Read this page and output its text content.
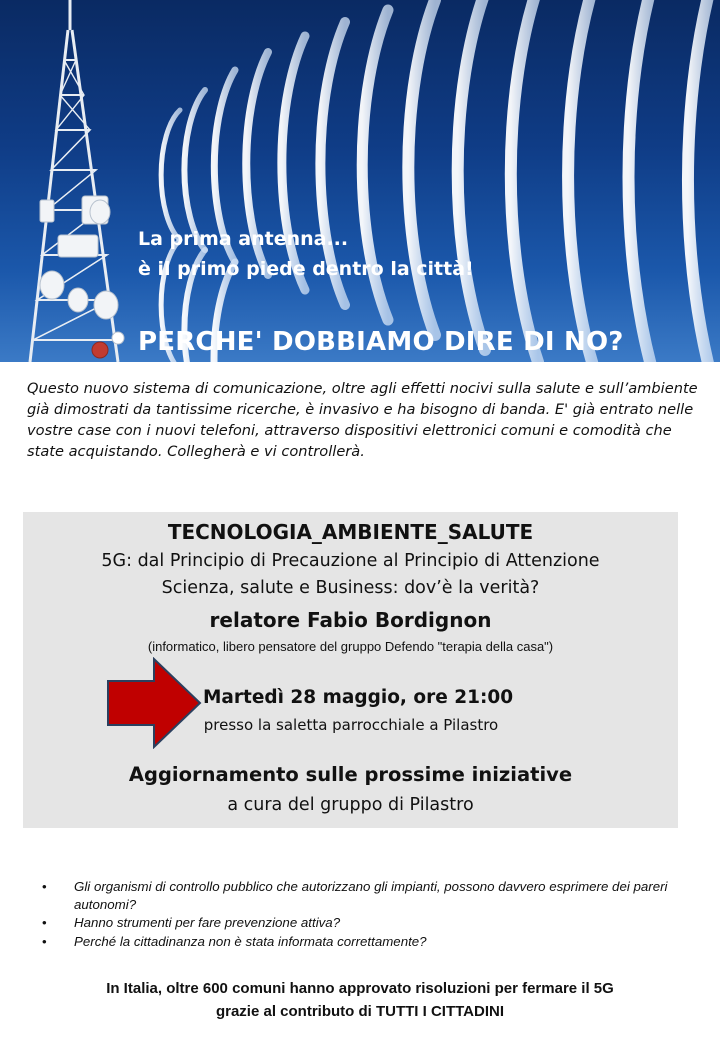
La prima antenna...
è il primo piede dentro la città!
PERCHE' DOBBIAMO DIRE DI NO?

Questo nuovo sistema di comunicazione, oltre agli effetti nocivi sulla salute e sull’ambiente già dimostrati da tantissime ricerche, è invasivo e ha bisogno di banda. E' già entrato nelle vostre case con i nuovi telefoni, attraverso dispositivi elettronici comuni e comodità che state acquistando. Collegherà e vi controllerà.

TECNOLOGIA_AMBIENTE_SALUTE
5G: dal Principio di Precauzione al Principio di Attenzione
Scienza, salute e Business: dov’è la verità?
relatore Fabio Bordignon
(informatico, libero pensatore del gruppo Defendo "terapia della casa")
Martedì 28 maggio, ore 21:00
presso la saletta parrocchiale a Pilastro
Aggiornamento sulle prossime iniziative
a cura del gruppo di Pilastro
• Gli organismi di controllo pubblico che autorizzano gli impianti, possono davvero esprimere dei pareri autonomi?
• Hanno strumenti per fare prevenzione attiva?
• Perché la cittadinanza non è stata informata correttamente?
In Italia, oltre 600 comuni hanno approvato risoluzioni per fermare il 5G
grazie al contributo di TUTTI I CITTADINI
